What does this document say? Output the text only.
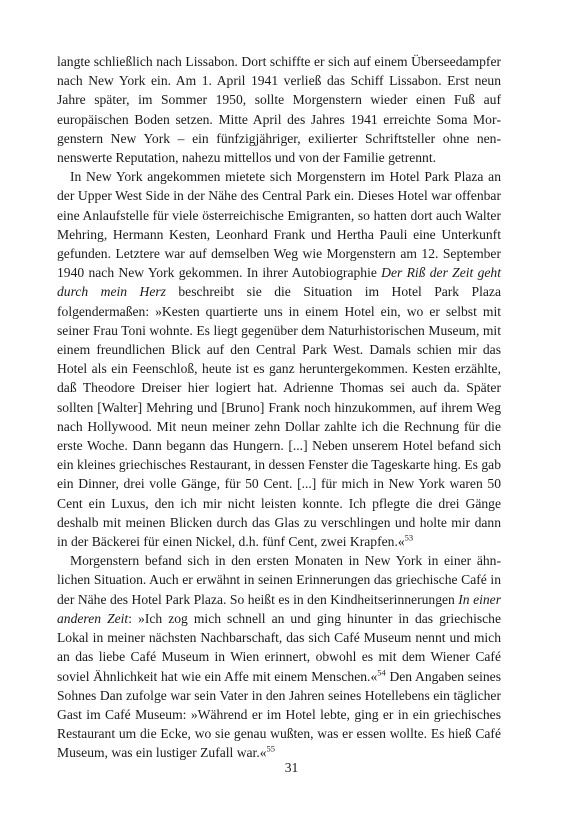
langte schließlich nach Lissabon. Dort schiffte er sich auf einem Überseedampfer nach New York ein. Am 1. April 1941 verließ das Schiff Lissabon. Erst neun Jahre später, im Sommer 1950, sollte Morgenstern wieder einen Fuß auf europäischen Boden setzen. Mitte April des Jahres 1941 erreichte Soma Morgenstern New York – ein fünfzigjähriger, exilierter Schriftsteller ohne nennenswerte Reputation, nahezu mittellos und von der Familie getrennt.

In New York angekommen mietete sich Morgenstern im Hotel Park Plaza an der Upper West Side in der Nähe des Central Park ein. Dieses Hotel war offenbar eine Anlaufstelle für viele österreichische Emigranten, so hatten dort auch Walter Mehring, Hermann Kesten, Leonhard Frank und Hertha Pauli eine Unterkunft gefunden. Letztere war auf demselben Weg wie Morgenstern am 12. September 1940 nach New York gekommen. In ihrer Autobiographie Der Riß der Zeit geht durch mein Herz beschreibt sie die Situation im Hotel Park Plaza folgendermaßen: »Kesten quartierte uns in einem Hotel ein, wo er selbst mit seiner Frau Toni wohnte. Es liegt gegenüber dem Naturhistorischen Museum, mit einem freundlichen Blick auf den Central Park West. Damals schien mir das Hotel als ein Feenschloß, heute ist es ganz heruntergekommen. Kesten erzählte, daß Theodore Dreiser hier logiert hat. Adrienne Thomas sei auch da. Später sollten [Walter] Mehring und [Bruno] Frank noch hinzukommen, auf ihrem Weg nach Hollywood. Mit neun meiner zehn Dollar zahlte ich die Rechnung für die erste Woche. Dann begann das Hungern. [...] Neben unserem Hotel befand sich ein kleines griechisches Restaurant, in dessen Fenster die Tageskarte hing. Es gab ein Dinner, drei volle Gänge, für 50 Cent. [...] für mich in New York waren 50 Cent ein Luxus, den ich mir nicht leisten konnte. Ich pflegte die drei Gänge deshalb mit meinen Blicken durch das Glas zu verschlingen und holte mir dann in der Bäckerei für einen Nickel, d.h. fünf Cent, zwei Krapfen.«$^{53}$

Morgenstern befand sich in den ersten Monaten in New York in einer ähnlichen Situation. Auch er erwähnt in seinen Erinnerungen das griechische Café in der Nähe des Hotel Park Plaza. So heißt es in den Kindheitserinnerungen In einer anderen Zeit: »Ich zog mich schnell an und ging hinunter in das griechische Lokal in meiner nächsten Nachbarschaft, das sich Café Museum nennt und mich an das liebe Café Museum in Wien erinnert, obwohl es mit dem Wiener Café soviel Ähnlichkeit hat wie ein Affe mit einem Menschen.«$^{54}$ Den Angaben seines Sohnes Dan zufolge war sein Vater in den Jahren seines Hotellebens ein täglicher Gast im Café Museum: »Während er im Hotel lebte, ging er in ein griechisches Restaurant um die Ecke, wo sie genau wußten, was er essen wollte. Es hieß Café Museum, was ein lustiger Zufall war.«$^{55}$

31
